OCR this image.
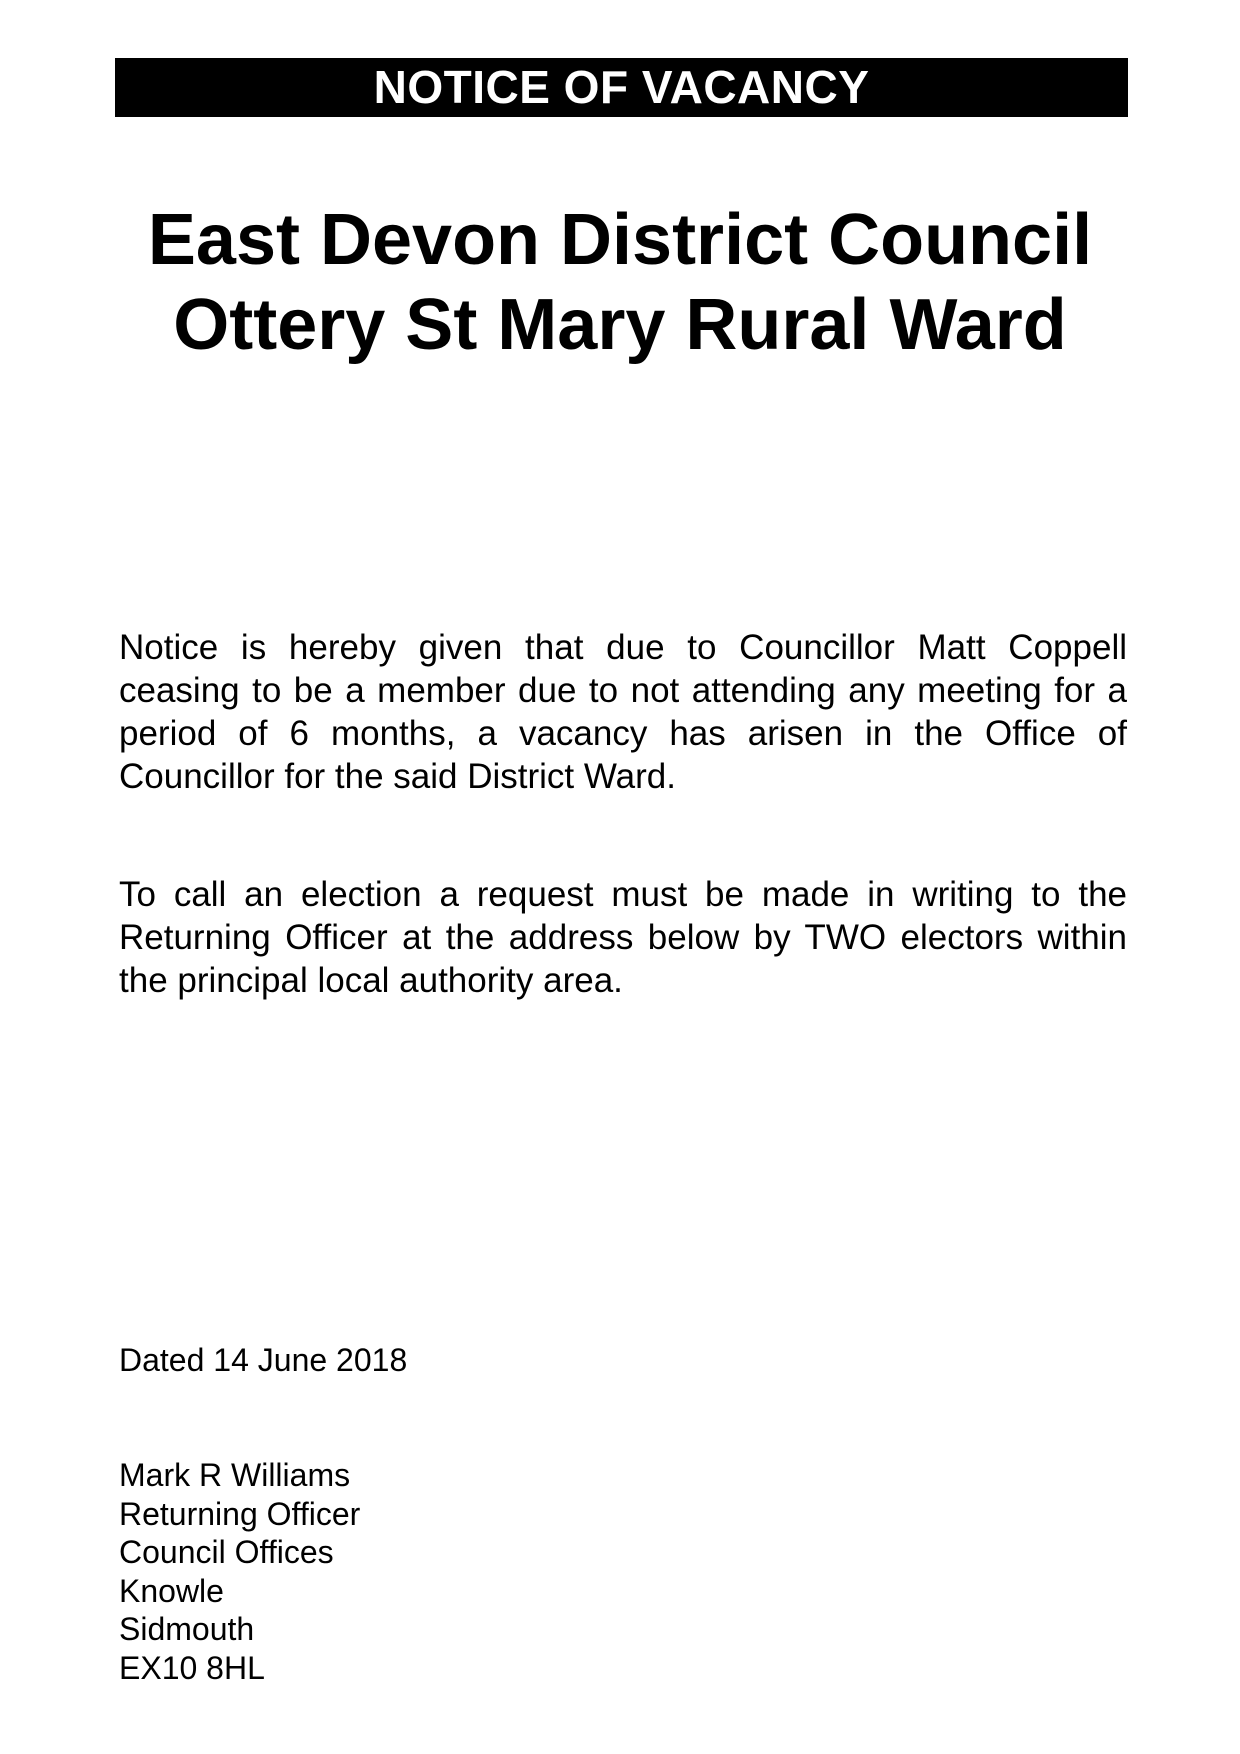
NOTICE OF VACANCY
East Devon District Council
Ottery St Mary Rural Ward
Notice is hereby given that due to Councillor Matt Coppell ceasing to be a member due to not attending any meeting for a period of 6 months, a vacancy has arisen in the Office of Councillor for the said District Ward.
To call an election a request must be made in writing to the Returning Officer at the address below by TWO electors within the principal local authority area.
Dated 14 June 2018
Mark R Williams
Returning Officer
Council Offices
Knowle
Sidmouth
EX10 8HL
